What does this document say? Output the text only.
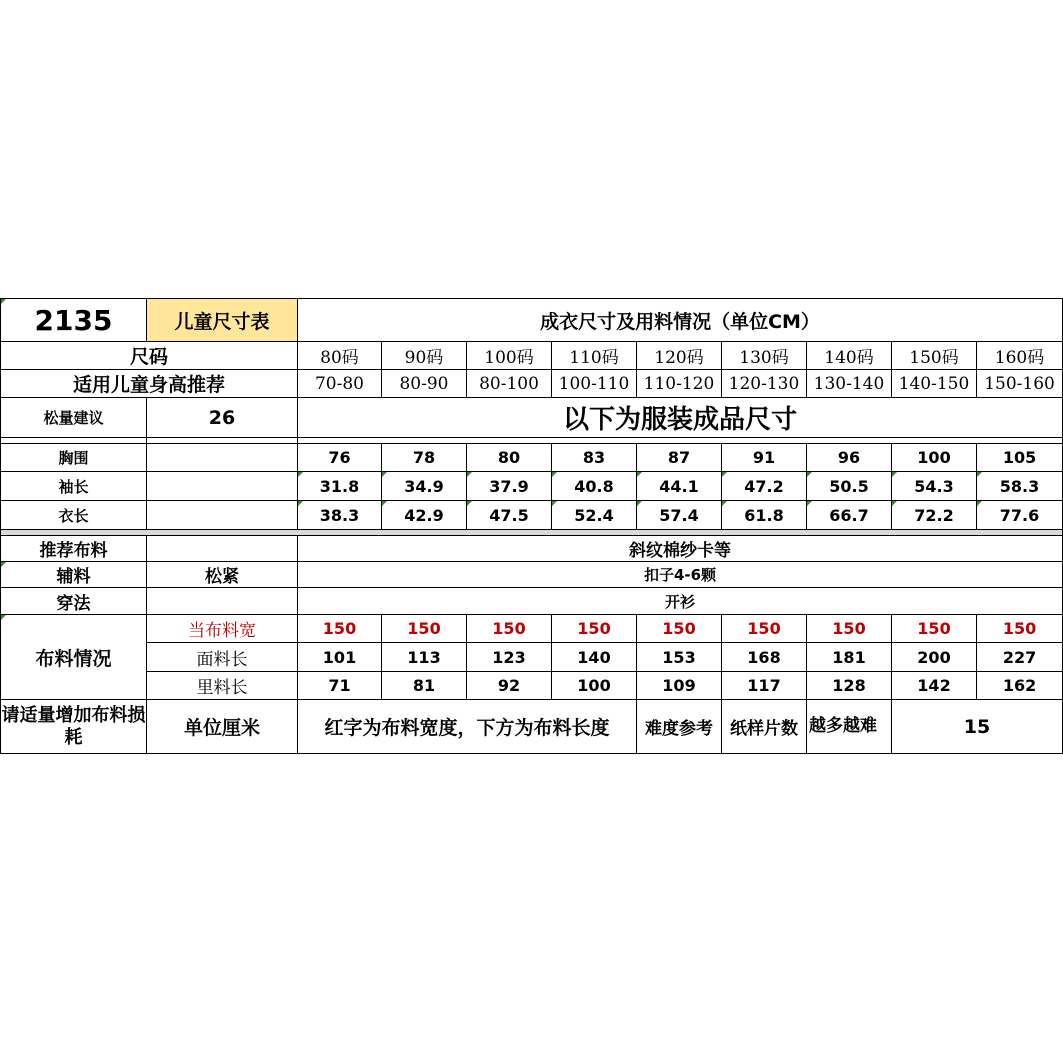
2135	儿童尺寸表	成衣尺寸及用料情况（单位CM）								
尺码		80码	90码	100码	110码	120码	130码	140码	150码	160码
适用儿童身高推荐		70-80	80-90	80-100	100-110	110-120	120-130	130-140	140-150	150-160
松量建议	26	以下为服装成品尺寸								

胸围		76	78	80	83	87	91	96	100	105
袖长		31.8	34.9	37.9	40.8	44.1	47.2	50.5	54.3	58.3
衣长		38.3	42.9	47.5	52.4	57.4	61.8	66.7	72.2	77.6

推荐布料		斜纹棉纱卡等								
辅料	松紧	扣子4-6颗								
穿法		开衫								
布料情况	当布料宽	150	150	150	150	150	150	150	150	150
	面料长	101	113	123	140	153	168	181	200	227
	里料长	71	81	92	100	109	117	128	142	162
请适量增加布料损耗	单位厘米	红字为布料宽度，下方为布料长度				难度参考	纸样片数	越多越难	15	
